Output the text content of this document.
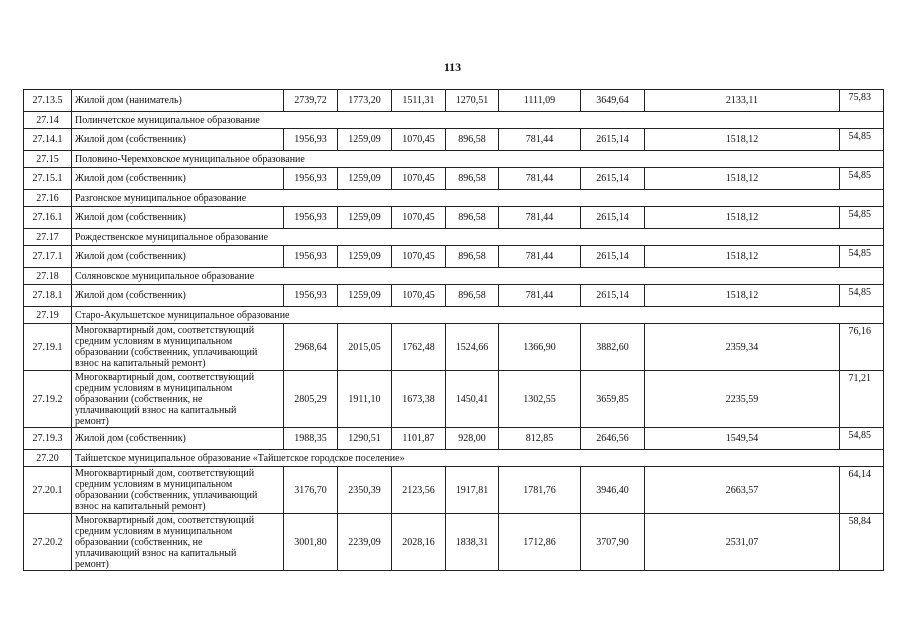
113
27.13.5	Жилой дом (наниматель)	2739,72	1773,20	1511,31	1270,51	1111,09	3649,64	2133,11	75,83
27.14	Полинчетское муниципальное образование								
27.14.1	Жилой дом (собственник)	1956,93	1259,09	1070,45	896,58	781,44	2615,14	1518,12	54,85
27.15	Половино-Черемховское муниципальное образование								
27.15.1	Жилой дом (собственник)	1956,93	1259,09	1070,45	896,58	781,44	2615,14	1518,12	54,85
27.16	Разгонское муниципальное образование								
27.16.1	Жилой дом (собственник)	1956,93	1259,09	1070,45	896,58	781,44	2615,14	1518,12	54,85
27.17	Рождественское муниципальное образование								
27.17.1	Жилой дом (собственник)	1956,93	1259,09	1070,45	896,58	781,44	2615,14	1518,12	54,85
27.18	Соляновское муниципальное образование								
27.18.1	Жилой дом (собственник)	1956,93	1259,09	1070,45	896,58	781,44	2615,14	1518,12	54,85
27.19	Старо-Акульшетское муниципальное образование								
27.19.1	Многоквартирный дом, соответствующий
средним условиям в муниципальном
образовании (собственник, уплачивающий
взнос на капитальный ремонт)	2968,64	2015,05	1762,48	1524,66	1366,90	3882,60	2359,34	76,16
27.19.2	Многоквартирный дом, соответствующий
средним условиям в муниципальном
образовании (собственник, не
уплачивающий взнос на капитальный
ремонт)	2805,29	1911,10	1673,38	1450,41	1302,55	3659,85	2235,59	71,21
27.19.3	Жилой дом (собственник)	1988,35	1290,51	1101,87	928,00	812,85	2646,56	1549,54	54,85
27.20	Тайшетское муниципальное образование «Тайшетское городское поселение»								
27.20.1	Многоквартирный дом, соответствующий
средним условиям в муниципальном
образовании (собственник, уплачивающий
взнос на капитальный ремонт)	3176,70	2350,39	2123,56	1917,81	1781,76	3946,40	2663,57	64,14
27.20.2	Многоквартирный дом, соответствующий
средним условиям в муниципальном
образовании (собственник, не
уплачивающий взнос на капитальный
ремонт)	3001,80	2239,09	2028,16	1838,31	1712,86	3707,90	2531,07	58,84
